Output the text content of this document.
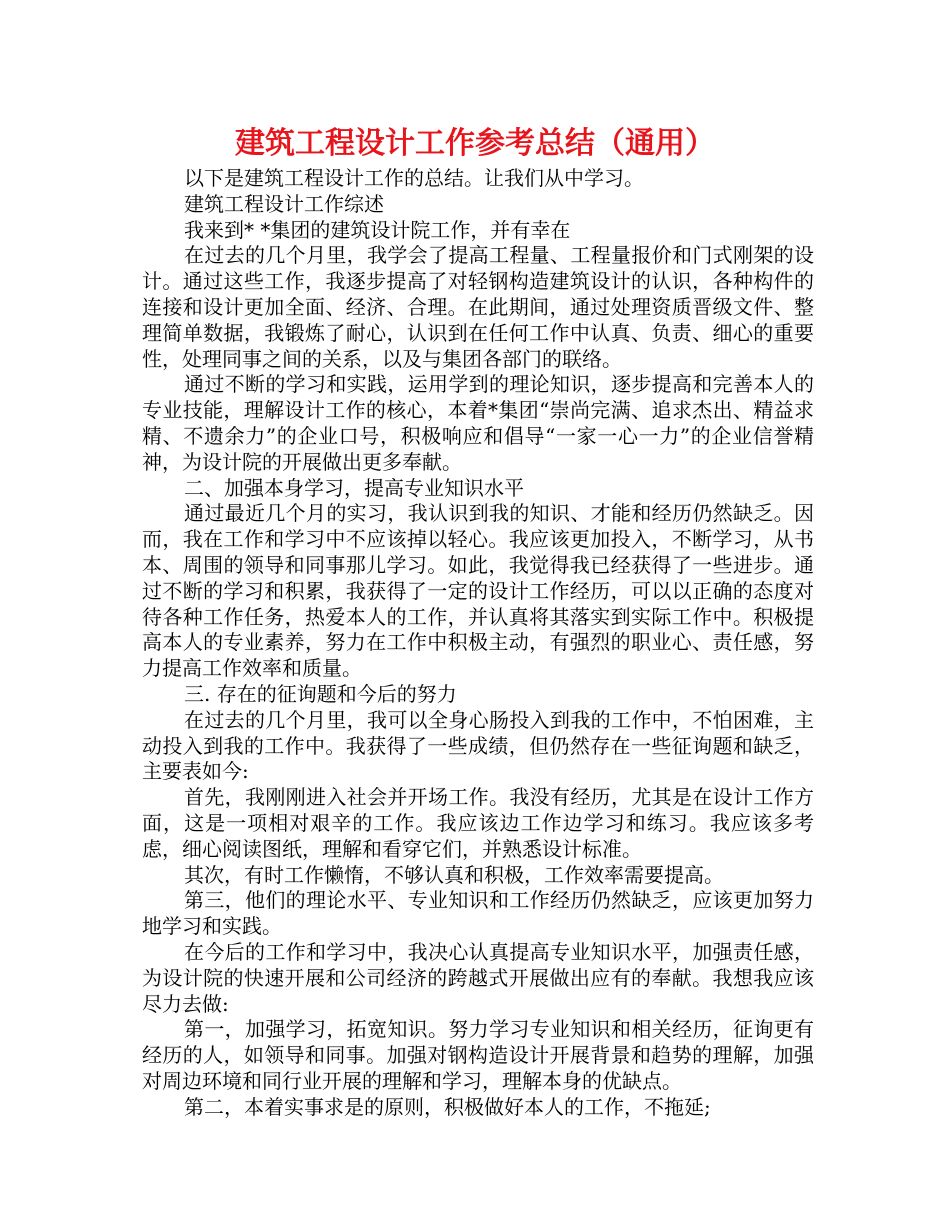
建筑工程设计工作参考总结（通用）

以下是建筑工程设计工作的总结。让我们从中学习。

建筑工程设计工作综述

我来到* *集团的建筑设计院工作，并有幸在

在过去的几个月里，我学会了提高工程量、工程量报价和门式刚架的设计。通过这些工作，我逐步提高了对轻钢构造建筑设计的认识，各种构件的连接和设计更加全面、经济、合理。在此期间，通过处理资质晋级文件、整理简单数据，我锻炼了耐心，认识到在任何工作中认真、负责、细心的重要性，处理同事之间的关系，以及与集团各部门的联络。

通过不断的学习和实践，运用学到的理论知识，逐步提高和完善本人的专业技能，理解设计工作的核心，本着*集团“崇尚完满、追求杰出、精益求精、不遗余力”的企业口号，积极响应和倡导“一家一心一力”的企业信誉精神，为设计院的开展做出更多奉献。

二、加强本身学习，提高专业知识水平

通过最近几个月的实习，我认识到我的知识、才能和经历仍然缺乏。因而，我在工作和学习中不应该掉以轻心。我应该更加投入，不断学习，从书本、周围的领导和同事那儿学习。如此，我觉得我已经获得了一些进步。通过不断的学习和积累，我获得了一定的设计工作经历，可以以正确的态度对待各种工作任务，热爱本人的工作，并认真将其落实到实际工作中。积极提高本人的专业素养，努力在工作中积极主动，有强烈的职业心、责任感，努力提高工作效率和质量。

三. 存在的征询题和今后的努力

在过去的几个月里，我可以全身心肠投入到我的工作中，不怕困难，主动投入到我的工作中。我获得了一些成绩，但仍然存在一些征询题和缺乏，主要表如今:

首先，我刚刚进入社会并开场工作。我没有经历，尤其是在设计工作方面，这是一项相对艰辛的工作。我应该边工作边学习和练习。我应该多考虑，细心阅读图纸，理解和看穿它们，并熟悉设计标准。

其次，有时工作懒惰，不够认真和积极，工作效率需要提高。

第三，他们的理论水平、专业知识和工作经历仍然缺乏，应该更加努力地学习和实践。

在今后的工作和学习中，我决心认真提高专业知识水平，加强责任感，为设计院的快速开展和公司经济的跨越式开展做出应有的奉献。我想我应该尽力去做:

第一，加强学习，拓宽知识。努力学习专业知识和相关经历，征询更有经历的人，如领导和同事。加强对钢构造设计开展背景和趋势的理解，加强对周边环境和同行业开展的理解和学习，理解本身的优缺点。

第二，本着实事求是的原则，积极做好本人的工作，不拖延;
